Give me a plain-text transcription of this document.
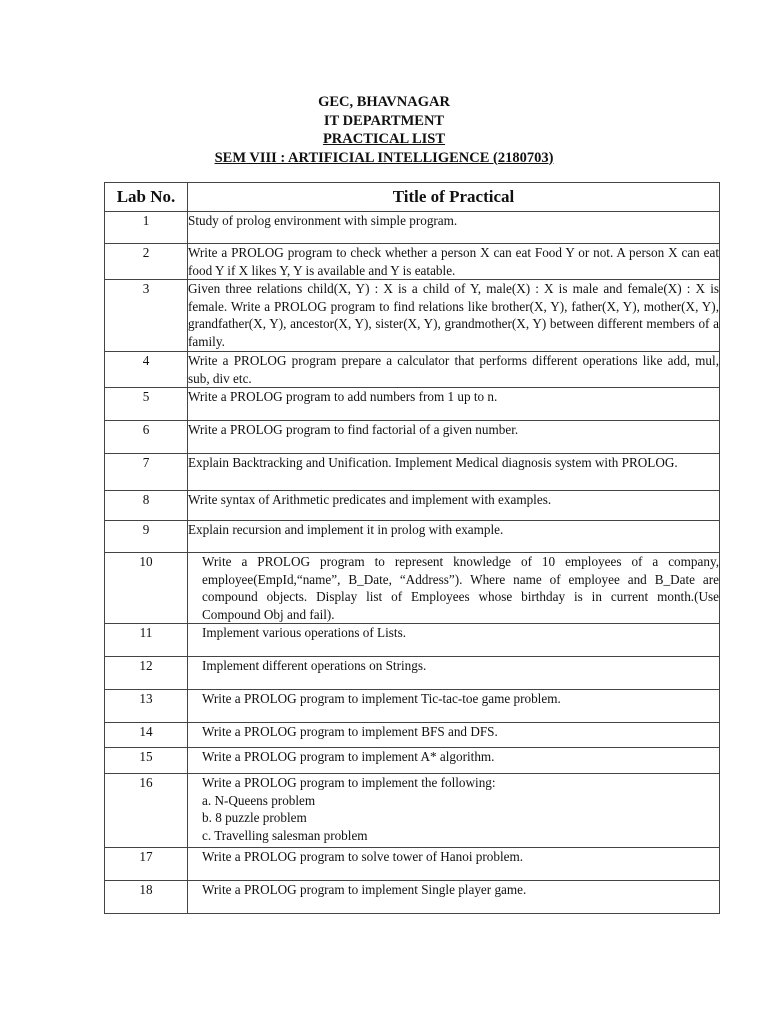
GEC, BHAVNAGAR
IT DEPARTMENT
PRACTICAL LIST
SEM VIII : ARTIFICIAL INTELLIGENCE (2180703)
Lab No.	Title of Practical
1	Study of prolog environment with simple program.
2	Write a PROLOG program to check whether a person X can eat Food Y or not. A person X can eat food Y if X likes Y, Y is available and Y is eatable.
3	Given three relations child(X, Y) : X is a child of Y, male(X) : X is male and female(X) : X is female. Write a PROLOG program to find relations like brother(X, Y), father(X, Y), mother(X, Y), grandfather(X, Y), ancestor(X, Y), sister(X, Y), grandmother(X, Y) between different members of a family.
4	Write a PROLOG program prepare a calculator that performs different operations like add, mul, sub, div etc.
5	Write a PROLOG program to add numbers from 1 up to n.
6	Write a PROLOG program to find factorial of a given number.
7	Explain Backtracking and Unification. Implement Medical diagnosis system with PROLOG.
8	Write syntax of Arithmetic predicates and implement with examples.
9	Explain recursion and implement it in prolog with example.
10	Write a PROLOG program to represent knowledge of 10 employees of a company, employee(EmpId,“name”, B_Date, “Address”). Where name of employee and B_Date are compound objects. Display list of Employees whose birthday is in current month.(Use Compound Obj and fail).
11	Implement various operations of Lists.
12	Implement different operations on Strings.
13	Write a PROLOG program to implement Tic-tac-toe game problem.
14	Write a PROLOG program to implement BFS and DFS.
15	Write a PROLOG program to implement A* algorithm.
16	Write a PROLOG program to implement the following:
a. N-Queens problem
b. 8 puzzle problem
c. Travelling salesman problem

17	Write a PROLOG program to solve tower of Hanoi problem.
18	Write a PROLOG program to implement Single player game.
